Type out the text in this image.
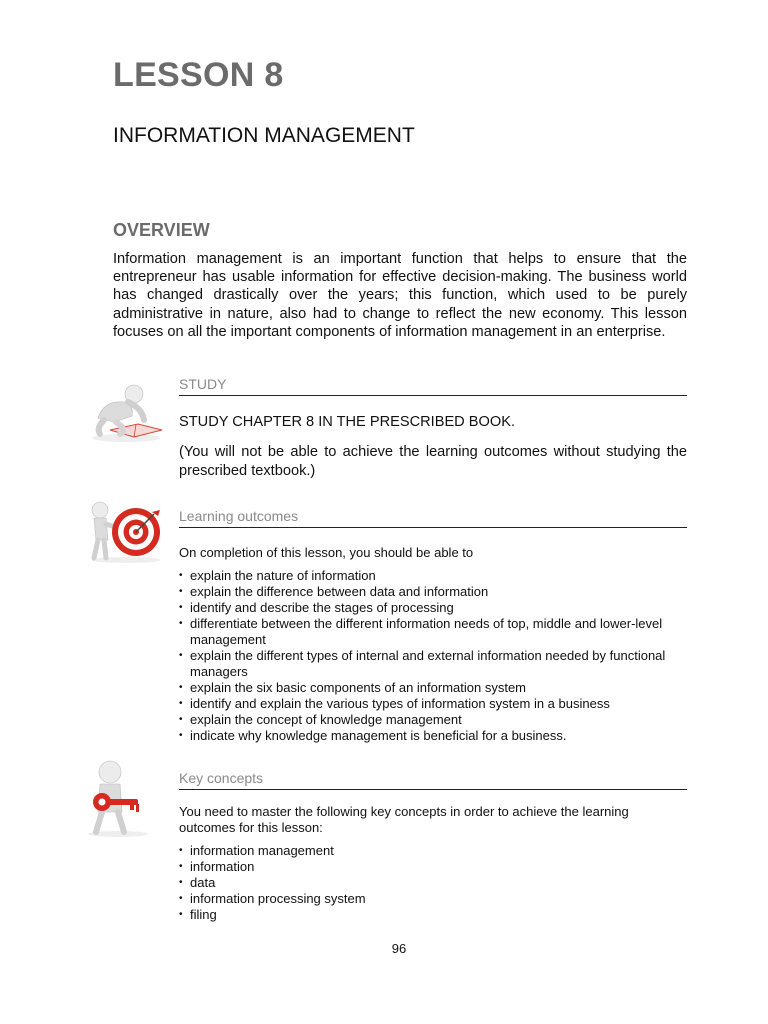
LESSON 8
INFORMATION MANAGEMENT
OVERVIEW

Information management is an important function that helps to ensure that the entrepreneur has usable information for effective decision-making. The business world has changed drastically over the years; this function, which used to be purely administrative in nature, also had to change to reflect the new economy. This lesson focuses on all the important components of information management in an enterprise.

STUDY

STUDY CHAPTER 8 IN THE PRESCRIBED BOOK.

(You will not be able to achieve the learning outcomes without studying the prescribed textbook.)

Learning outcomes

On completion of this lesson, you should be able to

• explain the nature of information
• explain the difference between data and information
• identify and describe the stages of processing
• differentiate between the different information needs of top, middle and lower-level management
• explain the different types of internal and external information needed by functional managers
• explain the six basic components of an information system
• identify and explain the various types of information system in a business
• explain the concept of knowledge management
• indicate why knowledge management is beneficial for a business.
Key concepts

You need to master the following key concepts in order to achieve the learning outcomes for this lesson:

• information management
• information
• data
• information processing system
• filing
96
